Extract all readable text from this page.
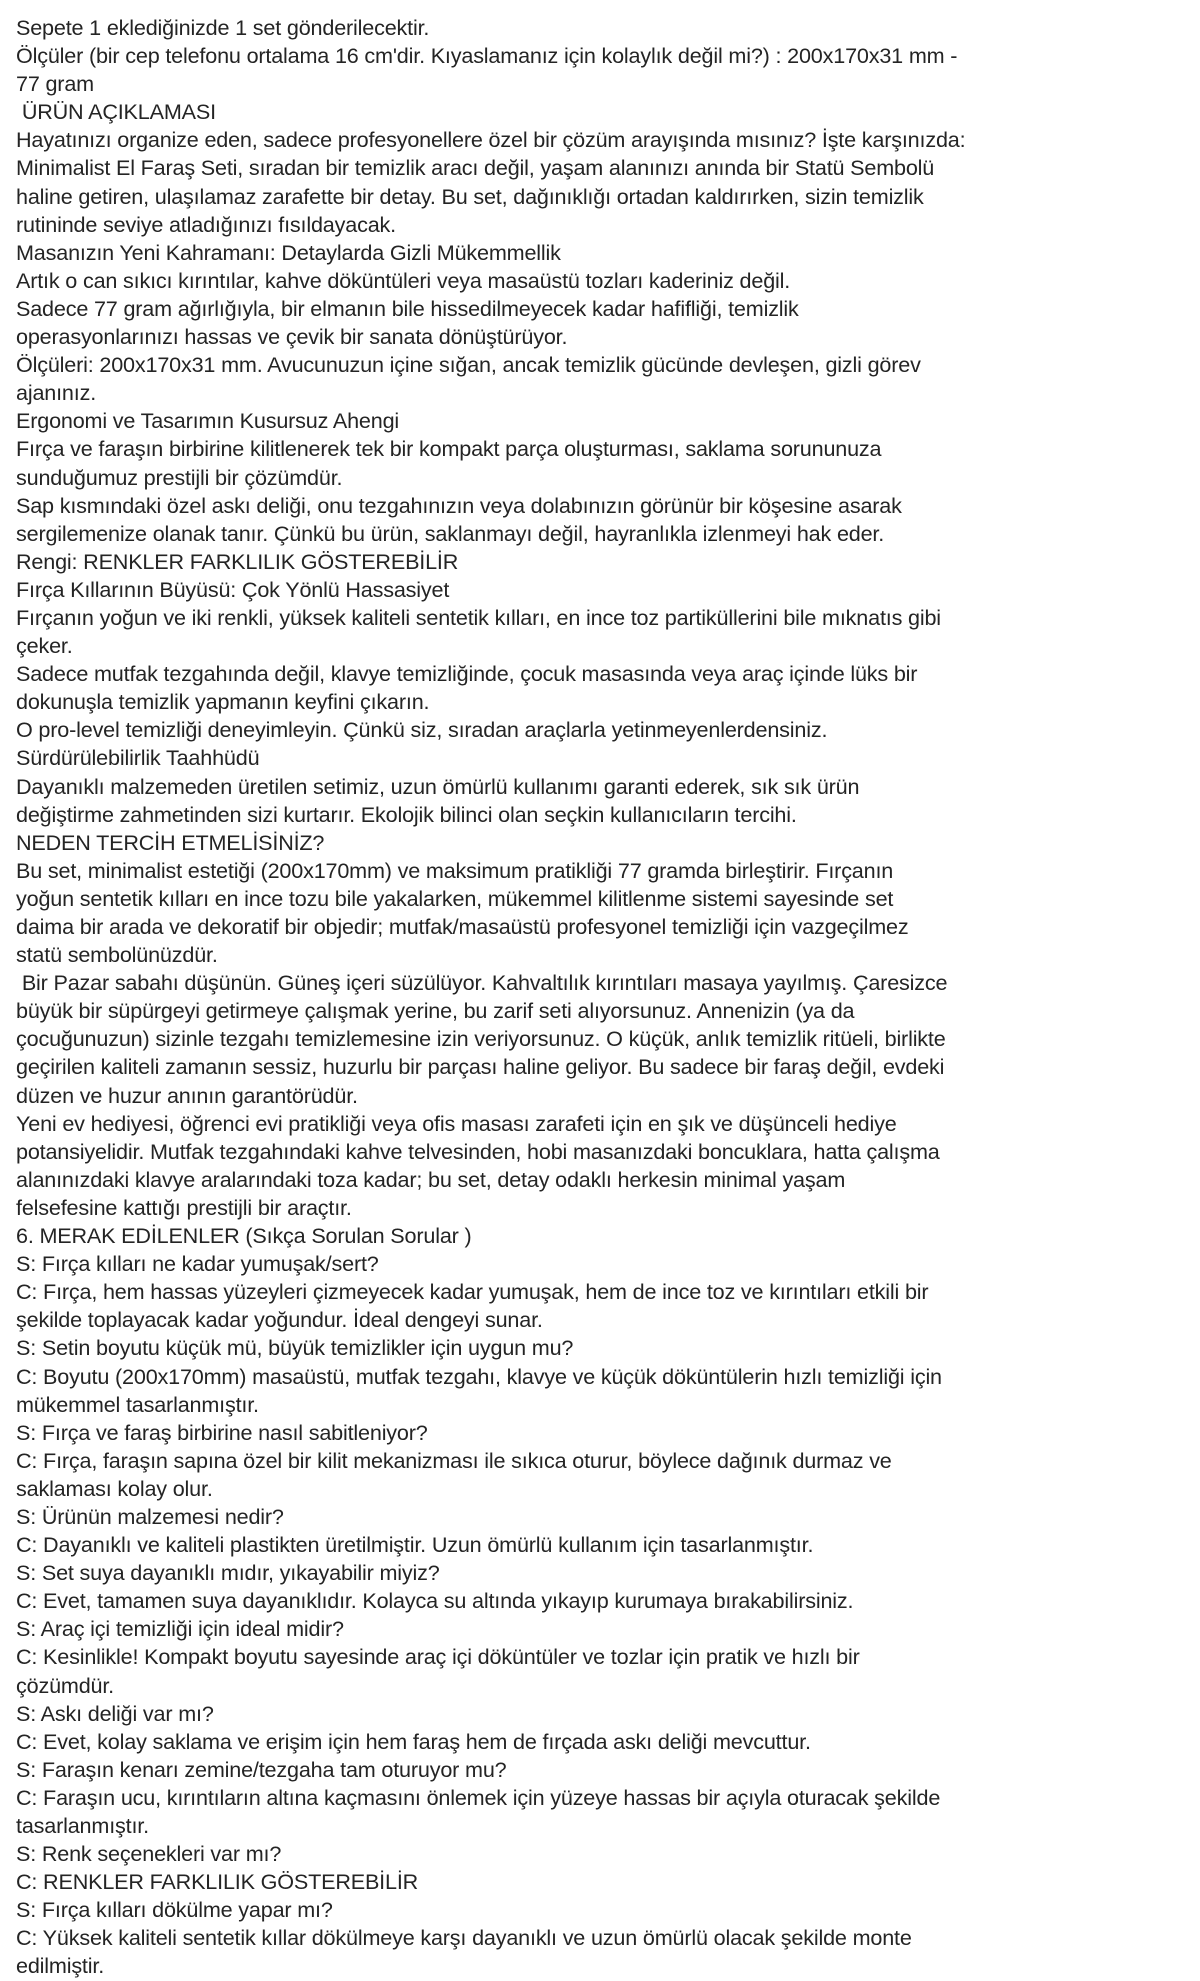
Sepete 1 eklediğinizde 1 set gönderilecektir.
Ölçüler (bir cep telefonu ortalama 16 cm'dir. Kıyaslamanız için kolaylık değil mi?) : 200x170x31 mm -
77 gram
ÜRÜN AÇIKLAMASI
Hayatınızı organize eden, sadece profesyonellere özel bir çözüm arayışında mısınız? İşte karşınızda:
Minimalist El Faraş Seti, sıradan bir temizlik aracı değil, yaşam alanınızı anında bir Statü Sembolü
haline getiren, ulaşılamaz zarafette bir detay. Bu set, dağınıklığı ortadan kaldırırken, sizin temizlik
rutininde seviye atladığınızı fısıldayacak.
Masanızın Yeni Kahramanı: Detaylarda Gizli Mükemmellik
Artık o can sıkıcı kırıntılar, kahve döküntüleri veya masaüstü tozları kaderiniz değil.
Sadece 77 gram ağırlığıyla, bir elmanın bile hissedilmeyecek kadar hafifliği, temizlik
operasyonlarınızı hassas ve çevik bir sanata dönüştürüyor.
Ölçüleri: 200x170x31 mm. Avucunuzun içine sığan, ancak temizlik gücünde devleşen, gizli görev
ajanınız.
Ergonomi ve Tasarımın Kusursuz Ahengi
Fırça ve faraşın birbirine kilitlenerek tek bir kompakt parça oluşturması, saklama sorununuza
sunduğumuz prestijli bir çözümdür.
Sap kısmındaki özel askı deliği, onu tezgahınızın veya dolabınızın görünür bir köşesine asarak
sergilemenize olanak tanır. Çünkü bu ürün, saklanmayı değil, hayranlıkla izlenmeyi hak eder.
Rengi: RENKLER FARKLILIK GÖSTEREBİLİR
Fırça Kıllarının Büyüsü: Çok Yönlü Hassasiyet
Fırçanın yoğun ve iki renkli, yüksek kaliteli sentetik kılları, en ince toz partiküllerini bile mıknatıs gibi
çeker.
Sadece mutfak tezgahında değil, klavye temizliğinde, çocuk masasında veya araç içinde lüks bir
dokunuşla temizlik yapmanın keyfini çıkarın.
O pro-level temizliği deneyimleyin. Çünkü siz, sıradan araçlarla yetinmeyenlerdensiniz.
Sürdürülebilirlik Taahhüdü
Dayanıklı malzemeden üretilen setimiz, uzun ömürlü kullanımı garanti ederek, sık sık ürün
değiştirme zahmetinden sizi kurtarır. Ekolojik bilinci olan seçkin kullanıcıların tercihi.
NEDEN TERCİH ETMELİSİNİZ?
Bu set, minimalist estetiği (200x170mm) ve maksimum pratikliği 77 gramda birleştirir. Fırçanın
yoğun sentetik kılları en ince tozu bile yakalarken, mükemmel kilitlenme sistemi sayesinde set
daima bir arada ve dekoratif bir objedir; mutfak/masaüstü profesyonel temizliği için vazgeçilmez
statü sembolünüzdür.
Bir Pazar sabahı düşünün. Güneş içeri süzülüyor. Kahvaltılık kırıntıları masaya yayılmış. Çaresizce
büyük bir süpürgeyi getirmeye çalışmak yerine, bu zarif seti alıyorsunuz. Annenizin (ya da
çocuğunuzun) sizinle tezgahı temizlemesine izin veriyorsunuz. O küçük, anlık temizlik ritüeli, birlikte
geçirilen kaliteli zamanın sessiz, huzurlu bir parçası haline geliyor. Bu sadece bir faraş değil, evdeki
düzen ve huzur anının garantörüdür.
Yeni ev hediyesi, öğrenci evi pratikliği veya ofis masası zarafeti için en şık ve düşünceli hediye
potansiyelidir. Mutfak tezgahındaki kahve telvesinden, hobi masanızdaki boncuklara, hatta çalışma
alanınızdaki klavye aralarındaki toza kadar; bu set, detay odaklı herkesin minimal yaşam
felsefesine kattığı prestijli bir araçtır.
6. MERAK EDİLENLER (Sıkça Sorulan Sorular )
S: Fırça kılları ne kadar yumuşak/sert?
C: Fırça, hem hassas yüzeyleri çizmeyecek kadar yumuşak, hem de ince toz ve kırıntıları etkili bir
şekilde toplayacak kadar yoğundur. İdeal dengeyi sunar.
S: Setin boyutu küçük mü, büyük temizlikler için uygun mu?
C: Boyutu (200x170mm) masaüstü, mutfak tezgahı, klavye ve küçük döküntülerin hızlı temizliği için
mükemmel tasarlanmıştır.
S: Fırça ve faraş birbirine nasıl sabitleniyor?
C: Fırça, faraşın sapına özel bir kilit mekanizması ile sıkıca oturur, böylece dağınık durmaz ve
saklaması kolay olur.
S: Ürünün malzemesi nedir?
C: Dayanıklı ve kaliteli plastikten üretilmiştir. Uzun ömürlü kullanım için tasarlanmıştır.
S: Set suya dayanıklı mıdır, yıkayabilir miyiz?
C: Evet, tamamen suya dayanıklıdır. Kolayca su altında yıkayıp kurumaya bırakabilirsiniz.
S: Araç içi temizliği için ideal midir?
C: Kesinlikle! Kompakt boyutu sayesinde araç içi döküntüler ve tozlar için pratik ve hızlı bir
çözümdür.
S: Askı deliği var mı?
C: Evet, kolay saklama ve erişim için hem faraş hem de fırçada askı deliği mevcuttur.
S: Faraşın kenarı zemine/tezgaha tam oturuyor mu?
C: Faraşın ucu, kırıntıların altına kaçmasını önlemek için yüzeye hassas bir açıyla oturacak şekilde
tasarlanmıştır.
S: Renk seçenekleri var mı?
C: RENKLER FARKLILIK GÖSTEREBİLİR
S: Fırça kılları dökülme yapar mı?
C: Yüksek kaliteli sentetik kıllar dökülmeye karşı dayanıklı ve uzun ömürlü olacak şekilde monte
edilmiştir.
